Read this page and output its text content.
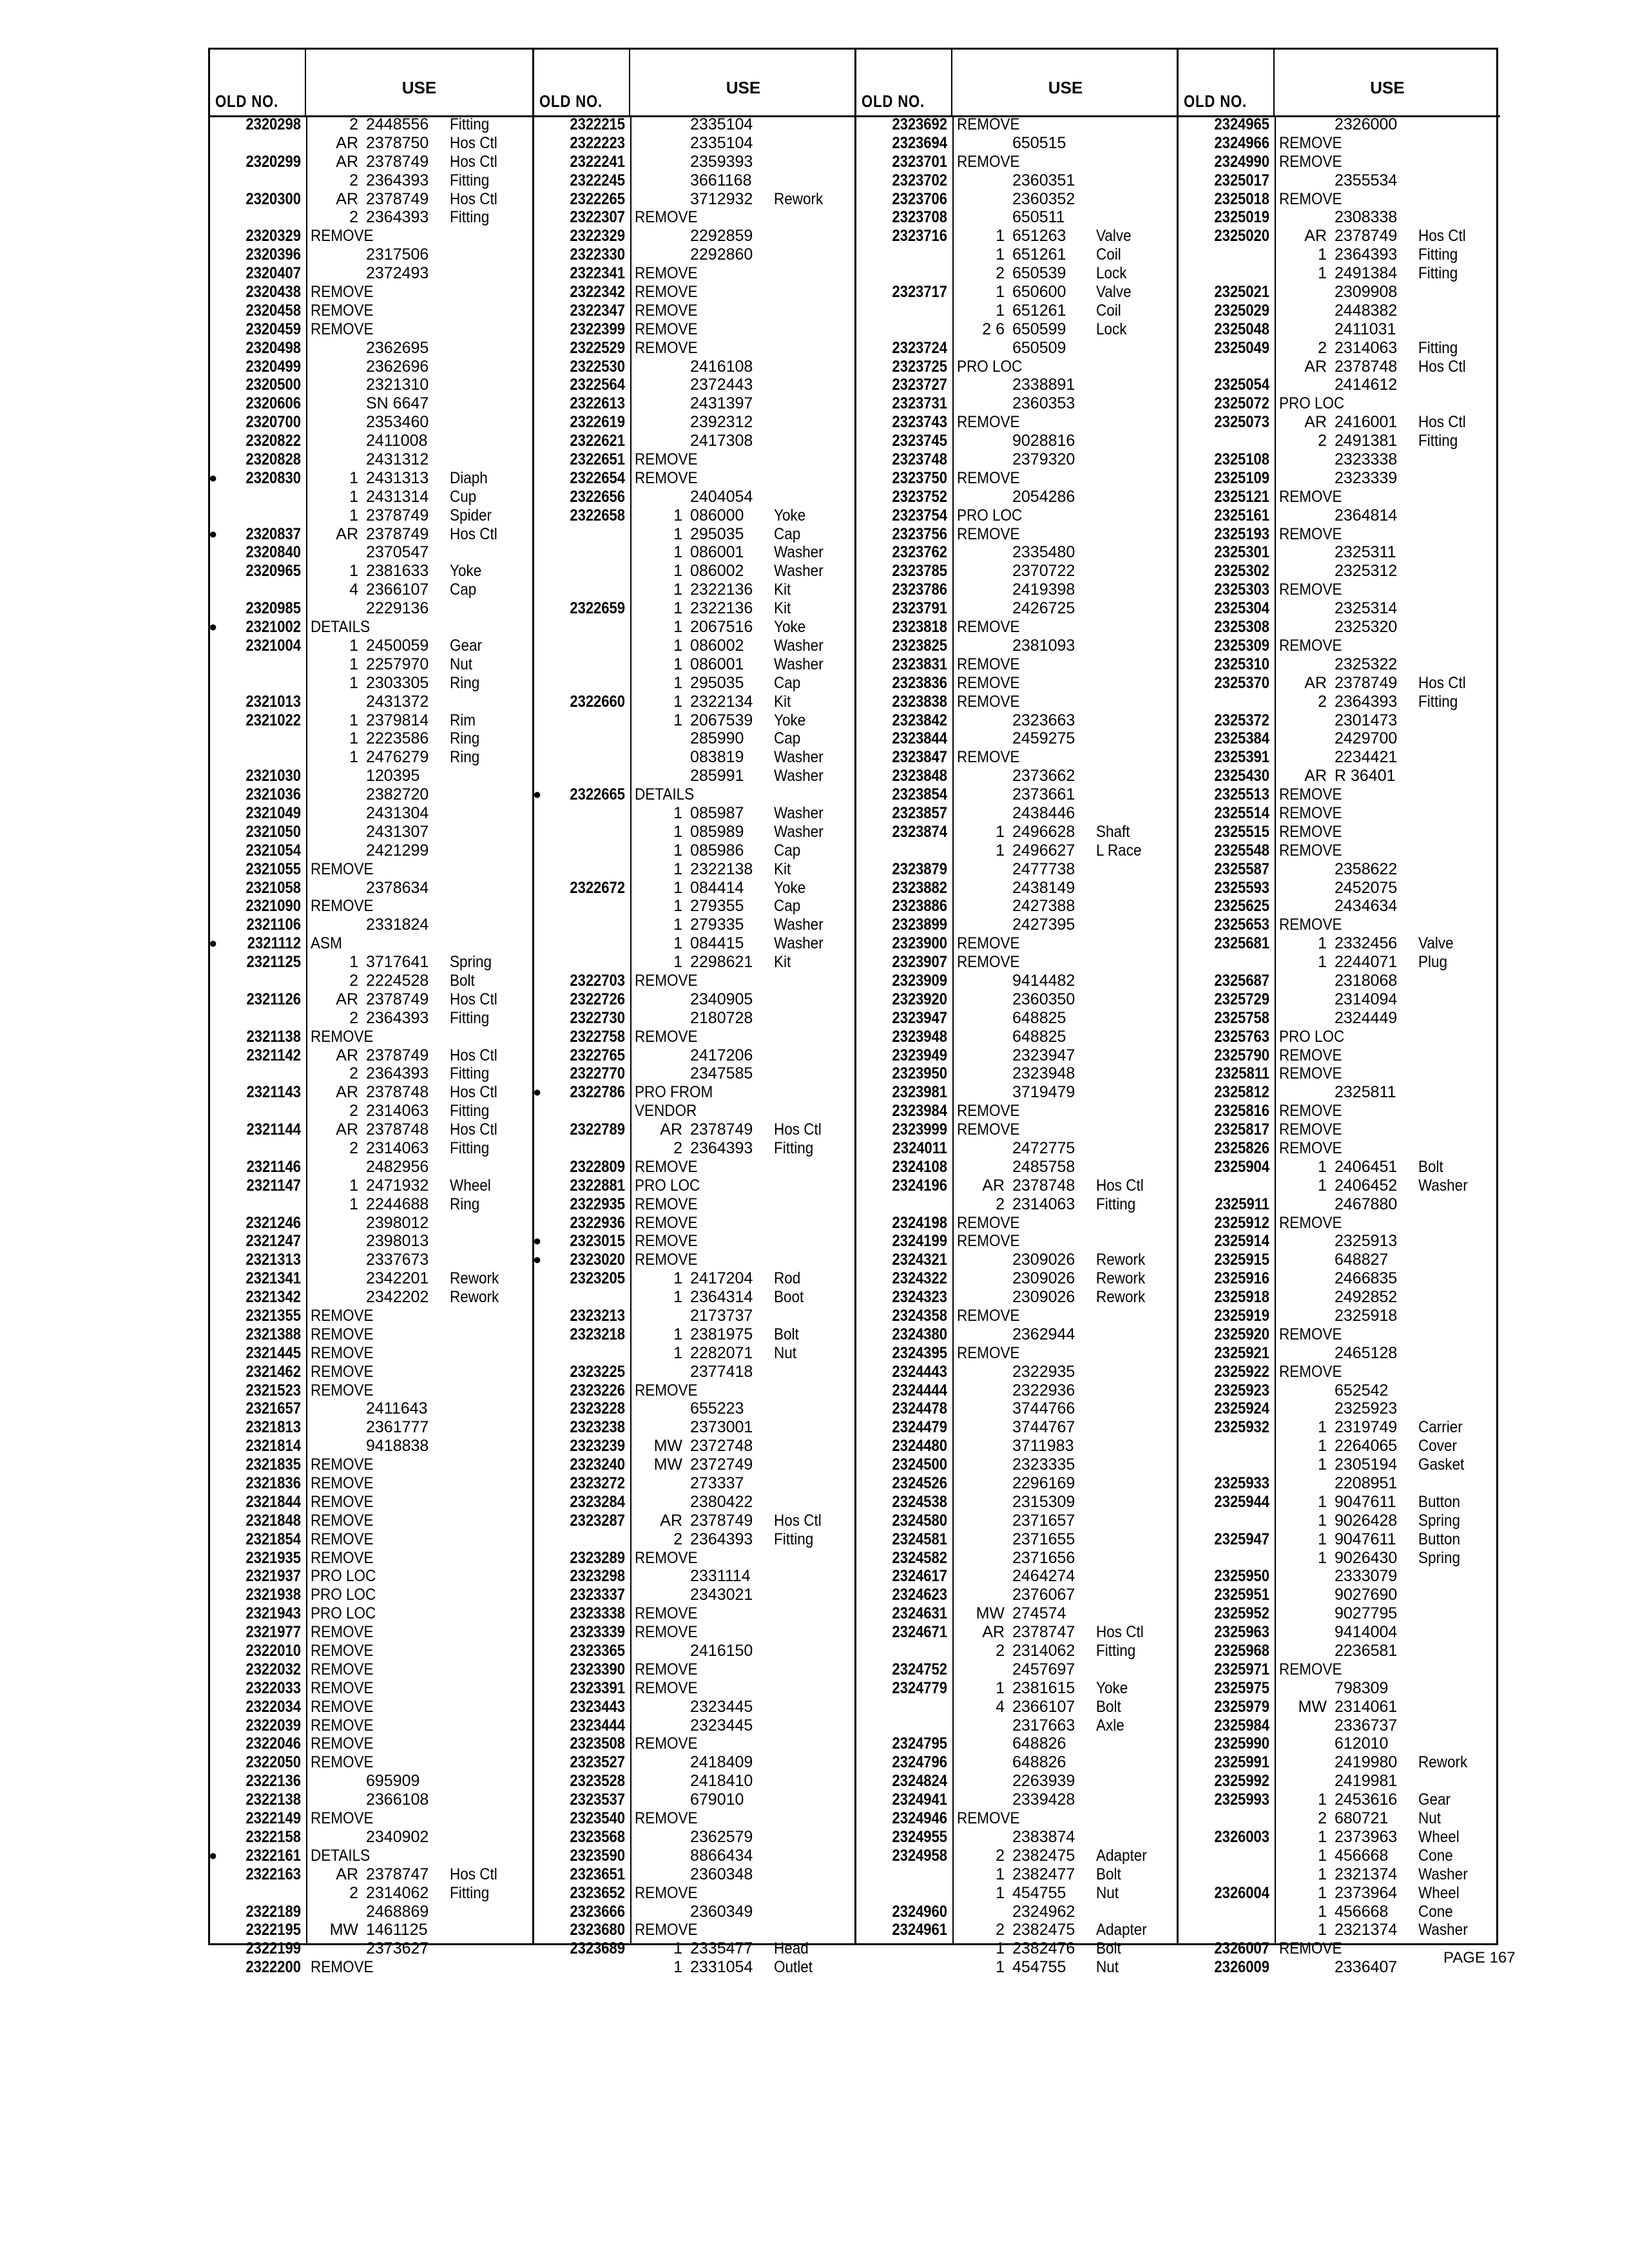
OLD NO.
USE
2320298	2 2448556 Fitting
AR 2378750 Hos Ctl
2320299	AR 2378749 Hos Ctl
2 2364393 Fitting
2320300	AR 2378749 Hos Ctl
2 2364393 Fitting
2320329 REMOVE
2320396	2317506
2320407	2372493
2320438 REMOVE
2320458 REMOVE
2320459 REMOVE
2320498	2362695
2320499	2362696
2320500	2321310
2320606	SN 6647
2320700	2353460
2320822	2411008
2320828	2431312
●	2320830	1 2431313 Diaph
1 2431314 Cup
1 2378749 Spider
●	2320837	AR 2378749 Hos Ctl
2320840	2370547
2320965	1 2381633 Yoke
4 2366107 Cap
2320985	2229136
●	2321002 DETAILS
2321004	1 2450059 Gear
1 2257970 Nut
1 2303305 Ring
2321013	2431372
2321022	1 2379814 Rim
1 2223586 Ring
1 2476279 Ring
2321030	120395
2321036	2382720
2321049	2431304
2321050	2431307
2321054	2421299
2321055 REMOVE
2321058	2378634
2321090 REMOVE
2321106	2331824
●	2321112 ASM
2321125	1 3717641 Spring
2 2224528 Bolt
2321126	AR 2378749 Hos Ctl
2 2364393 Fitting
2321138 REMOVE
2321142	AR 2378749 Hos Ctl
2 2364393 Fitting
2321143	AR 2378748 Hos Ctl
2 2314063 Fitting
2321144	AR 2378748 Hos Ctl
2 2314063 Fitting
2321146	2482956
2321147	1 2471932 Wheel
1 2244688 Ring
2321246	2398012
2321247	2398013
2321313	2337673
2321341	2342201 Rework
2321342	2342202 Rework
2321355 REMOVE
2321388 REMOVE
2321445 REMOVE
2321462 REMOVE
2321523 REMOVE
2321657	2411643
2321813	2361777
2321814	9418838
2321835 REMOVE
2321836 REMOVE
2321844 REMOVE
2321848 REMOVE
2321854 REMOVE
2321935 REMOVE
2321937 PRO LOC
2321938 PRO LOC
2321943 PRO LOC
2321977 REMOVE
2322010 REMOVE
2322032 REMOVE
2322033 REMOVE
2322034 REMOVE
2322039 REMOVE
2322046 REMOVE
2322050 REMOVE
2322136	695909
2322138	2366108
2322149 REMOVE
2322158	2340902
●	2322161 DETAILS
2322163	AR 2378747 Hos Ctl
2 2314062 Fitting
2322189	2468869
2322195	MW 1461125
2322199	2373627
2322200 REMOVE
OLD NO.
USE
2322215	2335104
2322223	2335104
2322241	2359393
2322245	3661168
2322265	3712932 Rework
2322307 REMOVE
2322329	2292859
2322330	2292860
2322341 REMOVE
2322342 REMOVE
2322347 REMOVE
2322399 REMOVE
2322529 REMOVE
2322530	2416108
2322564	2372443
2322613	2431397
2322619	2392312
2322621	2417308
2322651 REMOVE
2322654 REMOVE
2322656	2404054
2322658	1 086000 Yoke
1 295035 Cap
1 086001 Washer
1 086002 Washer
1 2322136 Kit
2322659	1 2322136 Kit
1 2067516 Yoke
1 086002 Washer
1 086001 Washer
1 295035 Cap
2322660	1 2322134 Kit
1 2067539 Yoke
285990 Cap
083819 Washer
285991 Washer
●	2322665 DETAILS
1 085987 Washer
1 085989 Washer
1 085986 Cap
1 2322138 Kit
2322672	1 084414 Yoke
1 279355 Cap
1 279335 Washer
1 084415 Washer
1 2298621 Kit
2322703 REMOVE
2322726	2340905
2322730	2180728
2322758 REMOVE
2322765	2417206
2322770	2347585
●	2322786 PRO FROM
VENDOR
2322789	AR 2378749 Hos Ctl
2 2364393 Fitting
2322809 REMOVE
2322881 PRO LOC
2322935 REMOVE
2322936 REMOVE
●	2323015 REMOVE
●	2323020 REMOVE
2323205	1 2417204 Rod
1 2364314 Boot
2323213	2173737
2323218	1 2381975 Bolt
1 2282071 Nut
2323225	2377418
2323226 REMOVE
2323228	655223
2323238	2373001
2323239	MW 2372748
2323240	MW 2372749
2323272	273337
2323284	2380422
2323287	AR 2378749 Hos Ctl
2 2364393 Fitting
2323289 REMOVE
2323298	2331114
2323337	2343021
2323338 REMOVE
2323339 REMOVE
2323365	2416150
2323390 REMOVE
2323391 REMOVE
2323443	2323445
2323444	2323445
2323508 REMOVE
2323527	2418409
2323528	2418410
2323537	679010
2323540 REMOVE
2323568	2362579
2323590	8866434
2323651	2360348
2323652 REMOVE
2323666	2360349
2323680 REMOVE
2323689	1 2335477 Head
1 2331054 Outlet
OLD NO.
USE
2323692 REMOVE
2323694	650515
2323701 REMOVE
2323702	2360351
2323706	2360352
2323708	650511
2323716	1 651263 Valve
1 651261 Coil
2 650539 Lock
2323717	1 650600 Valve
1 651261 Coil
2 6 650599 Lock
2323724	650509
2323725 PRO LOC
2323727	2338891
2323731	2360353
2323743 REMOVE
2323745	9028816
2323748	2379320
2323750 REMOVE
2323752	2054286
2323754 PRO LOC
2323756 REMOVE
2323762	2335480
2323785	2370722
2323786	2419398
2323791	2426725
2323818 REMOVE
2323825	2381093
2323831 REMOVE
2323836 REMOVE
2323838 REMOVE
2323842	2323663
2323844	2459275
2323847 REMOVE
2323848	2373662
2323854	2373661
2323857	2438446
2323874	1 2496628 Shaft
1 2496627 L Race
2323879	2477738
2323882	2438149
2323886	2427388
2323899	2427395
2323900 REMOVE
2323907 REMOVE
2323909	9414482
2323920	2360350
2323947	648825
2323948	648825
2323949	2323947
2323950	2323948
2323981	3719479
2323984 REMOVE
2323999 REMOVE
2324011	2472775
2324108	2485758
2324196	AR 2378748 Hos Ctl
2 2314063 Fitting
2324198 REMOVE
2324199 REMOVE
2324321	2309026 Rework
2324322	2309026 Rework
2324323	2309026 Rework
2324358 REMOVE
2324380	2362944
2324395 REMOVE
2324443	2322935
2324444	2322936
2324478	3744766
2324479	3744767
2324480	3711983
2324500	2323335
2324526	2296169
2324538	2315309
2324580	2371657
2324581	2371655
2324582	2371656
2324617	2464274
2324623	2376067
2324631	MW 274574
2324671	AR 2378747 Hos Ctl
2 2314062 Fitting
2324752	2457697
2324779	1 2381615 Yoke
4 2366107 Bolt
2317663 Axle
2324795	648826
2324796	648826
2324824	2263939
2324941	2339428
2324946 REMOVE
2324955	2383874
2324958	2 2382475 Adapter
1 2382477 Bolt
1 454755 Nut
2324960	2324962
2324961	2 2382475 Adapter
1 2382476 Bolt
1 454755 Nut
OLD NO.
USE
2324965	2326000
2324966 REMOVE
2324990 REMOVE
2325017	2355534
2325018 REMOVE
2325019	2308338
2325020	AR 2378749 Hos Ctl
1 2364393 Fitting
1 2491384 Fitting
2325021	2309908
2325029	2448382
2325048	2411031
2325049	2 2314063 Fitting
AR 2378748 Hos Ctl
2325054	2414612
2325072 PRO LOC
2325073	AR 2416001 Hos Ctl
2 2491381 Fitting
2325108	2323338
2325109	2323339
2325121 REMOVE
2325161	2364814
2325193 REMOVE
2325301	2325311
2325302	2325312
2325303 REMOVE
2325304	2325314
2325308	2325320
2325309 REMOVE
2325310	2325322
2325370	AR 2378749 Hos Ctl
2 2364393 Fitting
2325372	2301473
2325384	2429700
2325391	2234421
2325430	AR R 36401
2325513 REMOVE
2325514 REMOVE
2325515 REMOVE
2325548 REMOVE
2325587	2358622
2325593	2452075
2325625	2434634
2325653 REMOVE
2325681	1 2332456 Valve
1 2244071 Plug
2325687	2318068
2325729	2314094
2325758	2324449
2325763 PRO LOC
2325790 REMOVE
2325811 REMOVE
2325812	2325811
2325816 REMOVE
2325817 REMOVE
2325826 REMOVE
2325904	1 2406451 Bolt
1 2406452 Washer
2325911	2467880
2325912 REMOVE
2325914	2325913
2325915	648827
2325916	2466835
2325918	2492852
2325919	2325918
2325920 REMOVE
2325921	2465128
2325922 REMOVE
2325923	652542
2325924	2325923
2325932	1 2319749 Carrier
1 2264065 Cover
1 2305194 Gasket
2325933	2208951
2325944	1 9047611 Button
1 9026428 Spring
2325947	1 9047611 Button
1 9026430 Spring
2325950	2333079
2325951	9027690
2325952	9027795
2325963	9414004
2325968	2236581
2325971 REMOVE
2325975	798309
2325979	MW 2314061
2325984	2336737
2325990	612010
2325991	2419980 Rework
2325992	2419981
2325993	1 2453616 Gear
2 680721 Nut
2326003	1 2373963 Wheel
1 456668 Cone
1 2321374 Washer
2326004	1 2373964 Wheel
1 456668 Cone
1 2321374 Washer
2326007 REMOVE
2326009	2336407
PAGE 167
